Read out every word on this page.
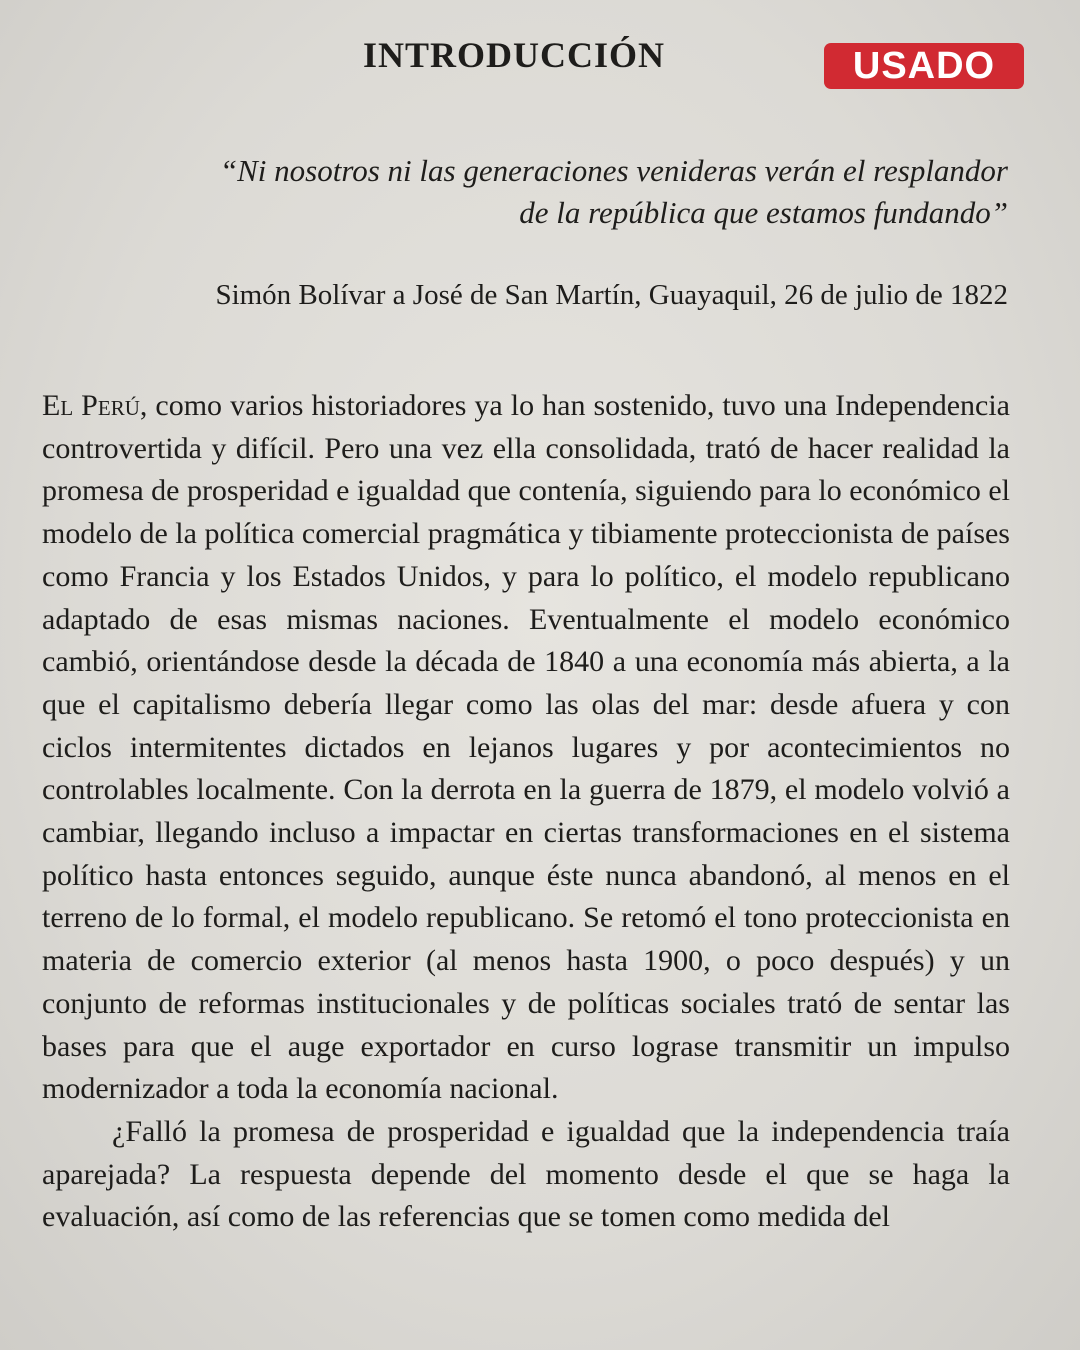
INTRODUCCIÓN	USADO
“Ni nosotros ni las generaciones venideras verán el resplandor
de la república que estamos fundando”
Simón Bolívar a José de San Martín, Guayaquil, 26 de julio de 1822

El Perú, como varios historiadores ya lo han sostenido, tuvo una Independencia controvertida y difícil. Pero una vez ella consolidada, trató de hacer realidad la promesa de prosperidad e igualdad que contenía, siguiendo para lo económico el modelo de la política comercial pragmática y tibiamente proteccionista de países como Francia y los Estados Unidos, y para lo político, el modelo republicano adaptado de esas mismas naciones. Eventualmente el modelo económico cambió, orientándose desde la década de 1840 a una economía más abierta, a la que el capitalismo debería llegar como las olas del mar: desde afuera y con ciclos intermitentes dictados en lejanos lugares y por acontecimientos no controlables localmente. Con la derrota en la guerra de 1879, el modelo volvió a cambiar, llegando incluso a impactar en ciertas transformaciones en el sistema político hasta entonces seguido, aunque éste nunca abandonó, al menos en el terreno de lo formal, el modelo republicano. Se retomó el tono proteccionista en materia de comercio exterior (al menos hasta 1900, o poco después) y un conjunto de reformas institucionales y de políticas sociales trató de sentar las bases para que el auge exportador en curso lograse transmitir un impulso modernizador a toda la economía nacional.

¿Falló la promesa de prosperidad e igualdad que la independencia traía aparejada? La respuesta depende del momento desde el que se haga la evaluación, así como de las referencias que se tomen como medida del
